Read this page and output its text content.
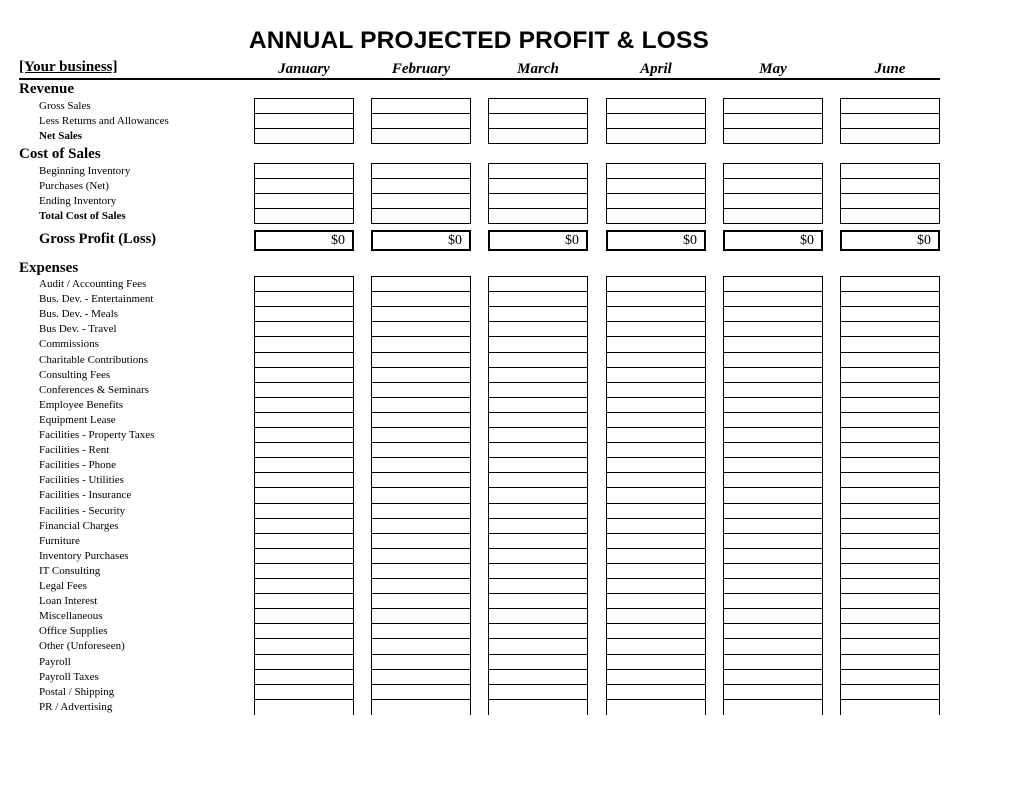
ANNUAL PROJECTED PROFIT & LOSS
[Your business]	January	February	March	April	May	June
Revenue
Gross Sales
Less Returns and Allowances
Net Sales
Cost of Sales
Beginning Inventory
Purchases (Net)
Ending Inventory
Total Cost of Sales
Gross Profit (Loss)	$0	$0	$0	$0	$0	$0
Expenses
Audit / Accounting Fees
Bus. Dev. - Entertainment
Bus. Dev. - Meals
Bus Dev. - Travel
Commissions
Charitable Contributions
Consulting Fees
Conferences & Seminars
Employee Benefits
Equipment Lease
Facilities - Property Taxes
Facilities - Rent
Facilities - Phone
Facilities - Utilities
Facilities - Insurance
Facilities - Security
Financial Charges
Furniture
Inventory Purchases
IT Consulting
Legal Fees
Loan Interest
Miscellaneous
Office Supplies
Other (Unforeseen)
Payroll
Payroll Taxes
Postal / Shipping
PR / Advertising
